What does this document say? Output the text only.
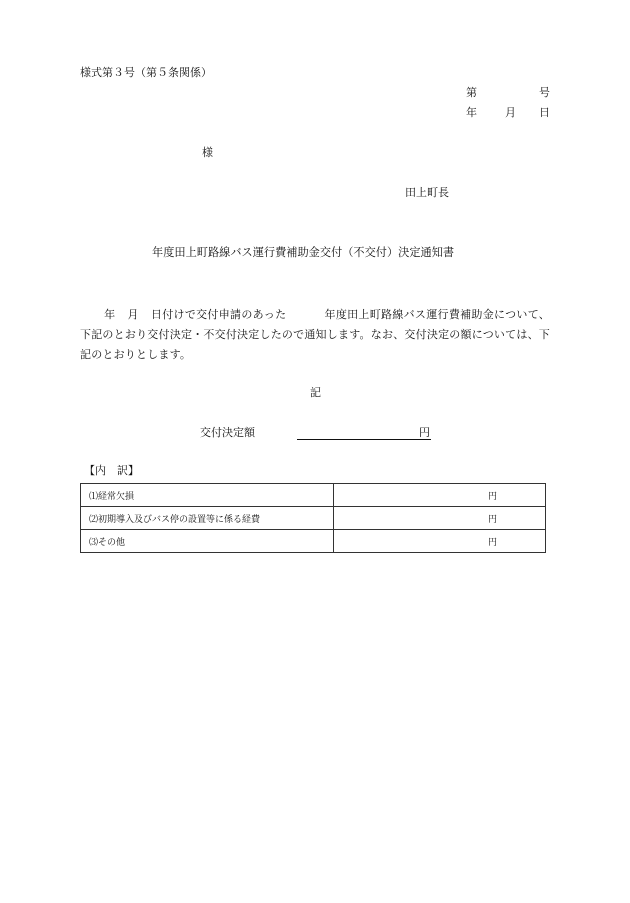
様式第３号（第５条関係）
第	号
年	月 日
様
田上町長
年度田上町路線バス運行費補助金交付（不交付）決定通知書
年 月 日付けで交付申請のあった	年度田上町路線バス運行費補助金について、下記のとおり交付決定・不交付決定したので通知します。なお、交付決定の額については、下記のとおりとします。
記
交付決定額	円
【内　訳】
⑴経常欠損	円
⑵初期導入及びバス停の設置等に係る経費	円
⑶その他	円
